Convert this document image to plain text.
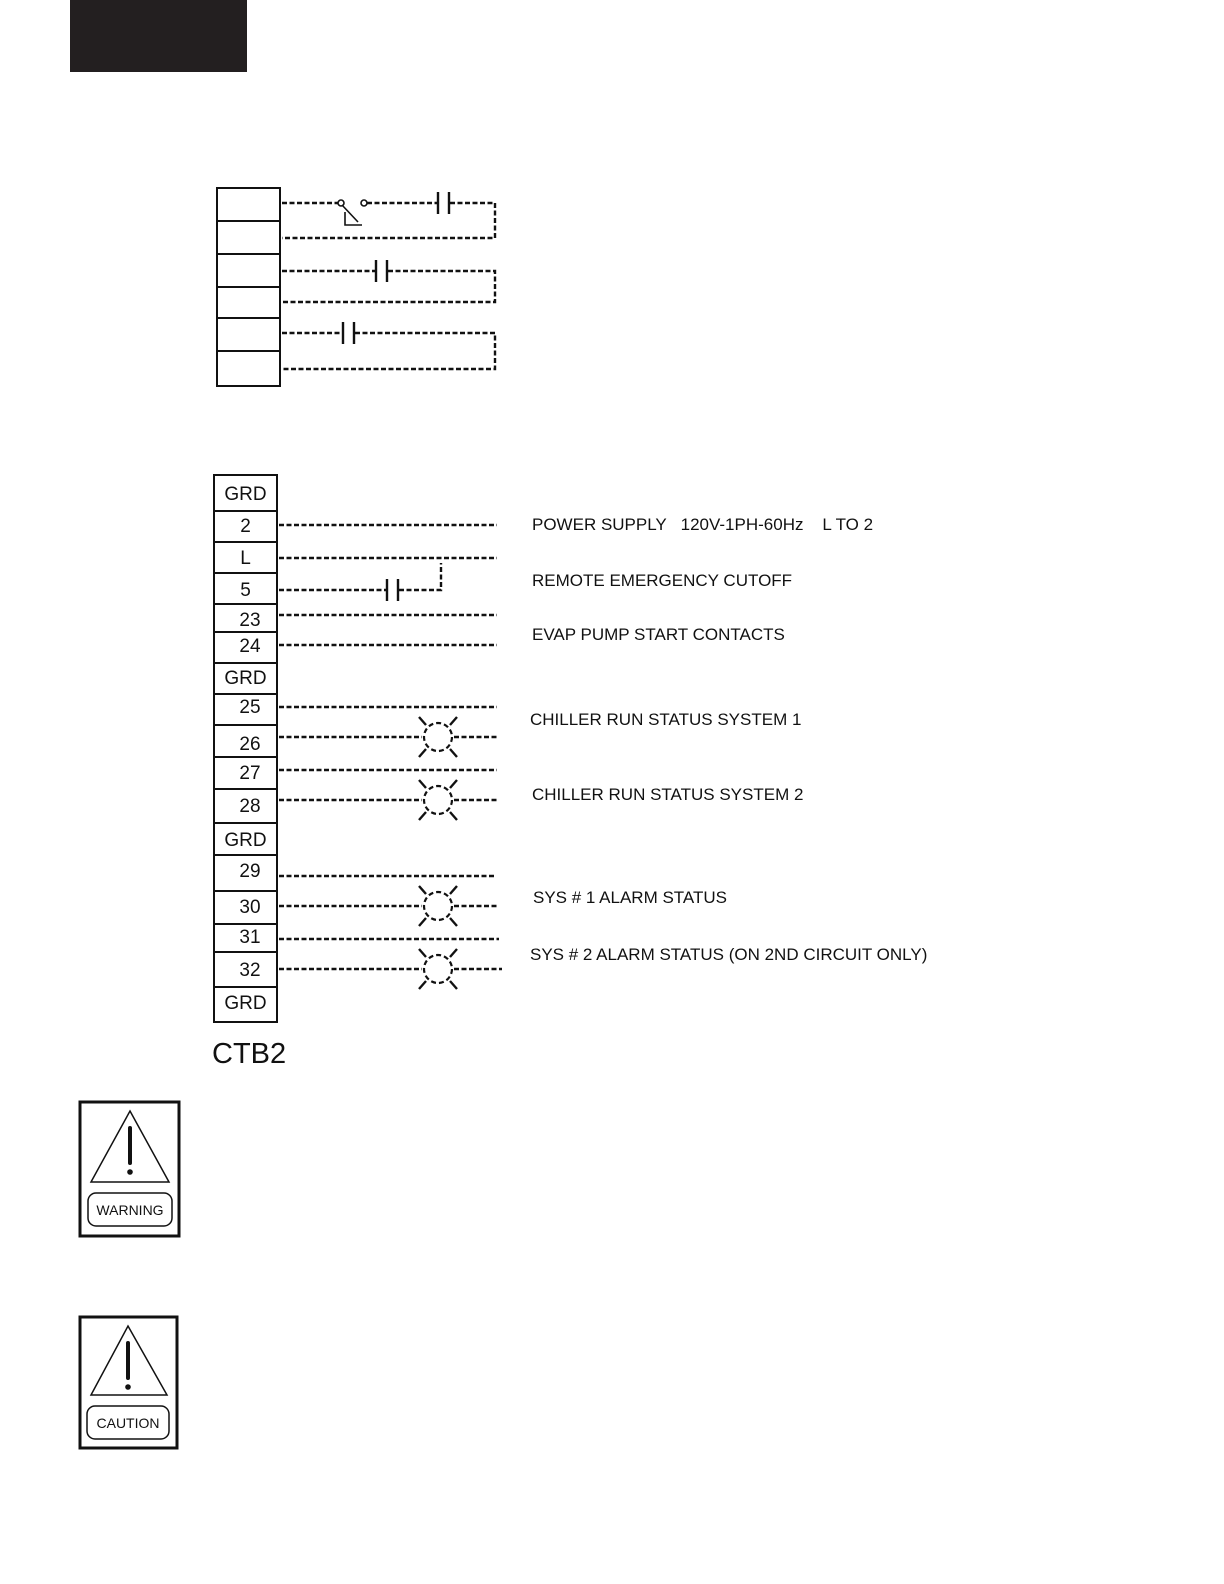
GRD
2
L
5
23
24
GRD
25
26
27
28
GRD
29
30
31
32
GRD
CTB2
POWER SUPPLY   120V-1PH-60Hz    L TO 2
REMOTE EMERGENCY CUTOFF
EVAP PUMP START CONTACTS
CHILLER RUN STATUS SYSTEM 1
CHILLER RUN STATUS SYSTEM 2
SYS # 1 ALARM STATUS
SYS # 2 ALARM STATUS (ON 2ND CIRCUIT ONLY)
WARNING
CAUTION
